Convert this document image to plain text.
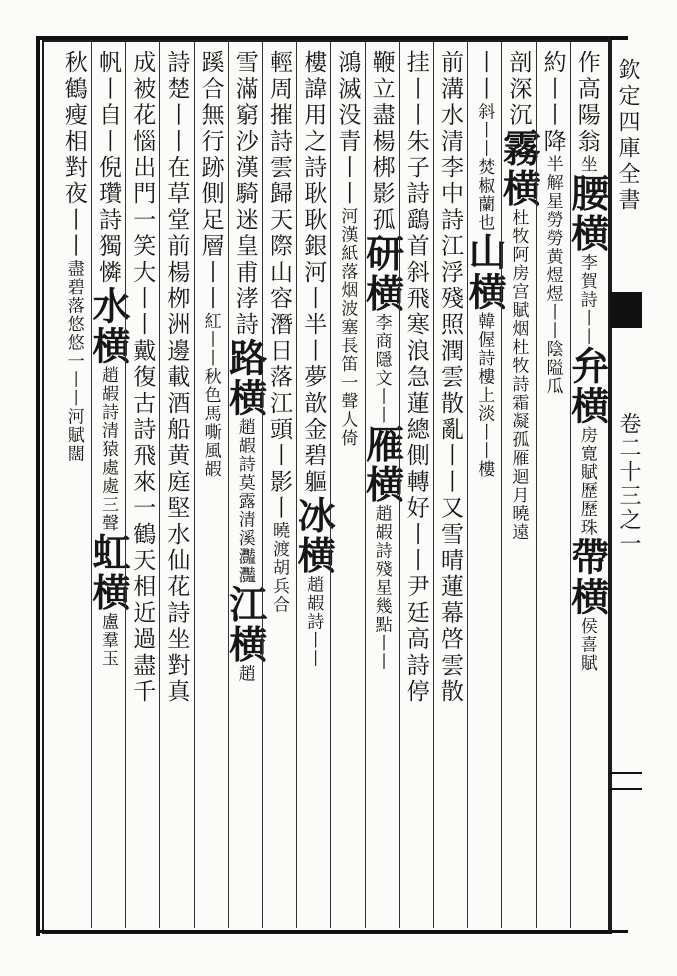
欽定四庫全書
卷二十三之一
作高陽翁坐腰横李賀詩丨丨弁横房寛賦歷歷珠帶横侯喜賦
約丨丨降半解星勞勞黄煜煜丨丨陰隘瓜
剖深沉霧横杜牧阿房宫賦烟杜牧詩霜凝孤雁迴月曉遠
丨丨斜丨丨焚椒蘭也山横韓偓詩樓上淡丨丨樓
前溝水清李中詩江浮殘照潤雲散亂丨丨又雪晴蓮幕啓雲散
挂丨丨朱子詩鷂首斜飛寒浪急蓮總側轉好丨丨尹廷高詩停
鞭立盡楊梆影孤研横李商隱文丨丨雁横趙嘏詩殘星幾點丨丨
鴻滅没青丨丨河漢紙落烟波塞長笛一聲人倚
樓諱用之詩耿耿銀河丨半丨夢歆金碧軀冰横趙嘏詩丨丨
輕周摧詩雲歸天際山容潛日落江頭丨影丨曉渡胡兵合
雪滿窮沙漢騎迷皇甫涍詩路横趙嘏詩莫露清溪灩灩江横趙
蹊合無行跡側足層丨丨紅丨丨秋色馬嘶風嘏
詩楚丨丨在草堂前楊栁洲邊載酒船黄庭堅水仙花詩坐對真
成被花惱出門一笑大丨丨戴復古詩飛來一鶴天相近過盡千
帆丨自丨倪瓚詩獨憐水横趙嘏詩清猿處處三聲虹横盧羣玉
秋鶴瘦相對夜丨丨盡碧落悠悠一丨丨河賦闊
